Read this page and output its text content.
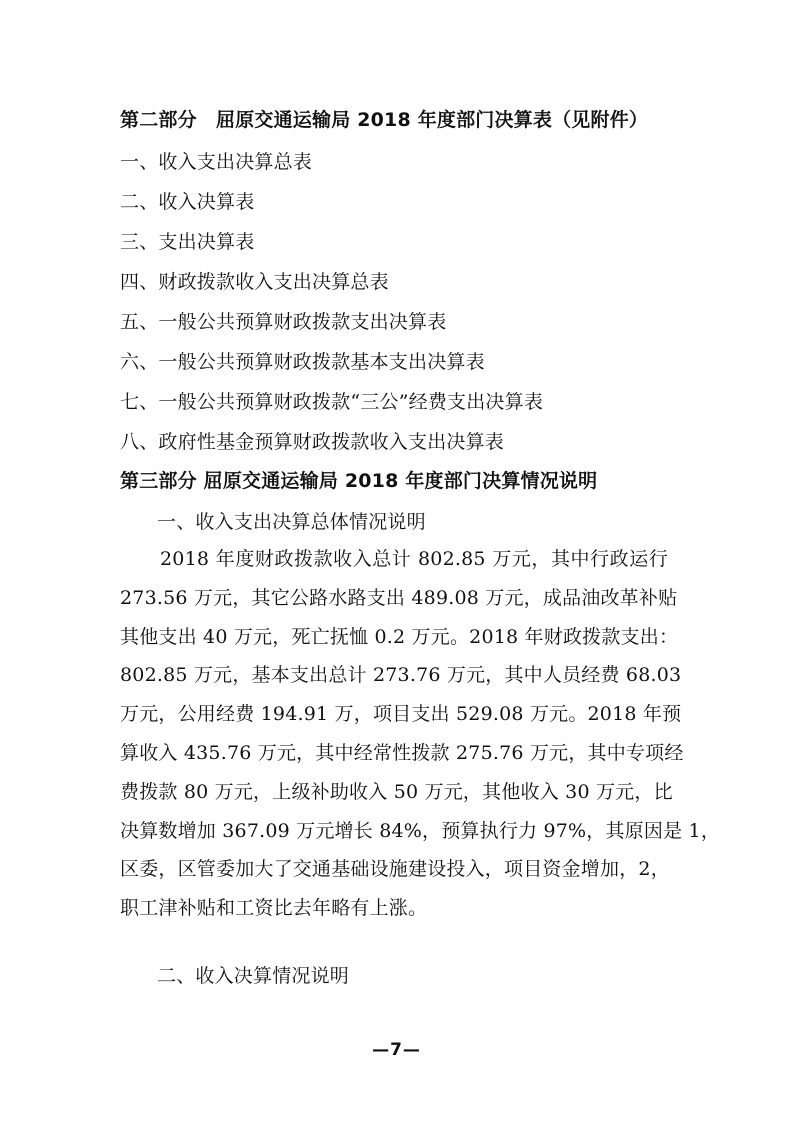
第二部分　屈原交通运输局 2018 年度部门决算表（见附件）
一、收入支出决算总表
二、收入决算表
三、支出决算表
四、财政拨款收入支出决算总表
五、一般公共预算财政拨款支出决算表
六、一般公共预算财政拨款基本支出决算表
七、一般公共预算财政拨款“三公”经费支出决算表
八、政府性基金预算财政拨款收入支出决算表
第三部分 屈原交通运输局 2018 年度部门决算情况说明
一、收入支出决算总体情况说明
2018 年度财政拨款收入总计 802.85 万元，其中行政运行
273.56 万元，其它公路水路支出 489.08 万元，成品油改革补贴
其他支出 40 万元，死亡抚恤 0.2 万元。2018 年财政拨款支出：
802.85 万元，基本支出总计 273.76 万元，其中人员经费 68.03
万元，公用经费 194.91 万，项目支出 529.08 万元。2018 年预
算收入 435.76 万元，其中经常性拨款 275.76 万元，其中专项经
费拨款 80 万元，上级补助收入 50 万元，其他收入 30 万元，比
决算数增加 367.09 万元增长 84%，预算执行力 97%，其原因是 1，
区委，区管委加大了交通基础设施建设投入，项目资金增加，2，
职工津补贴和工资比去年略有上涨。
二、收入决算情况说明
—7—
